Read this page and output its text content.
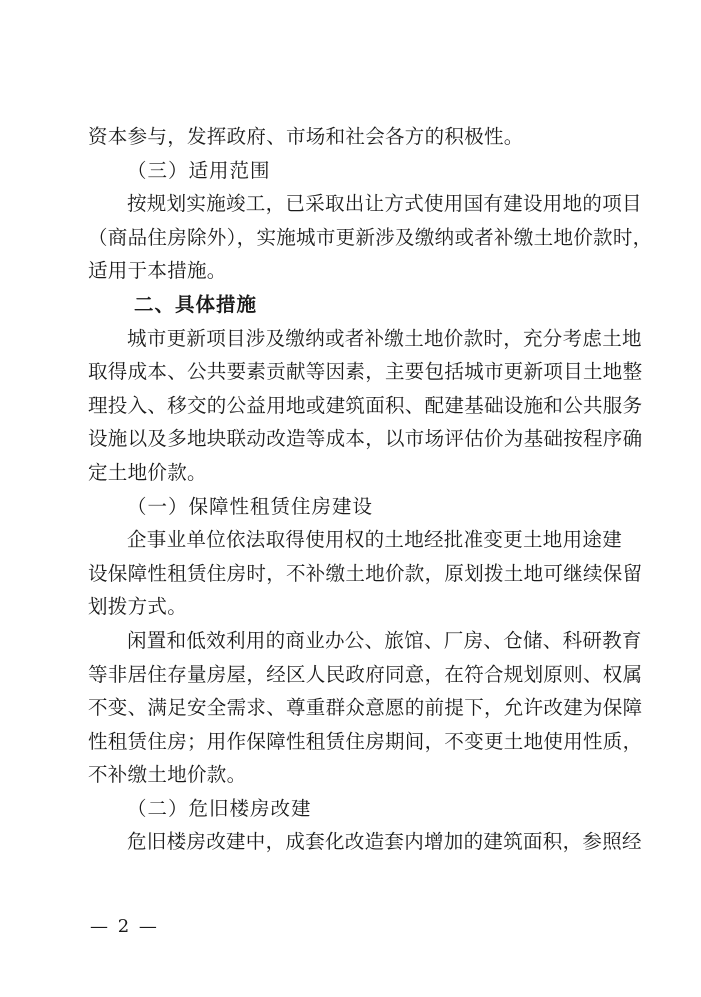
资本参与，发挥政府、市场和社会各方的积极性。
（三）适用范围
按规划实施竣工，已采取出让方式使用国有建设用地的项目
（商品住房除外），实施城市更新涉及缴纳或者补缴土地价款时，
适用于本措施。
二、具体措施
城市更新项目涉及缴纳或者补缴土地价款时，充分考虑土地
取得成本、公共要素贡献等因素，主要包括城市更新项目土地整
理投入、移交的公益用地或建筑面积、配建基础设施和公共服务
设施以及多地块联动改造等成本，以市场评估价为基础按程序确
定土地价款。
（一）保障性租赁住房建设
企事业单位依法取得使用权的土地经批准变更土地用途建
设保障性租赁住房时，不补缴土地价款，原划拨土地可继续保留
划拨方式。
闲置和低效利用的商业办公、旅馆、厂房、仓储、科研教育
等非居住存量房屋，经区人民政府同意，在符合规划原则、权属
不变、满足安全需求、尊重群众意愿的前提下，允许改建为保障
性租赁住房；用作保障性租赁住房期间，不变更土地使用性质，
不补缴土地价款。
（二）危旧楼房改建
危旧楼房改建中，成套化改造套内增加的建筑面积，参照经
— 2 —
